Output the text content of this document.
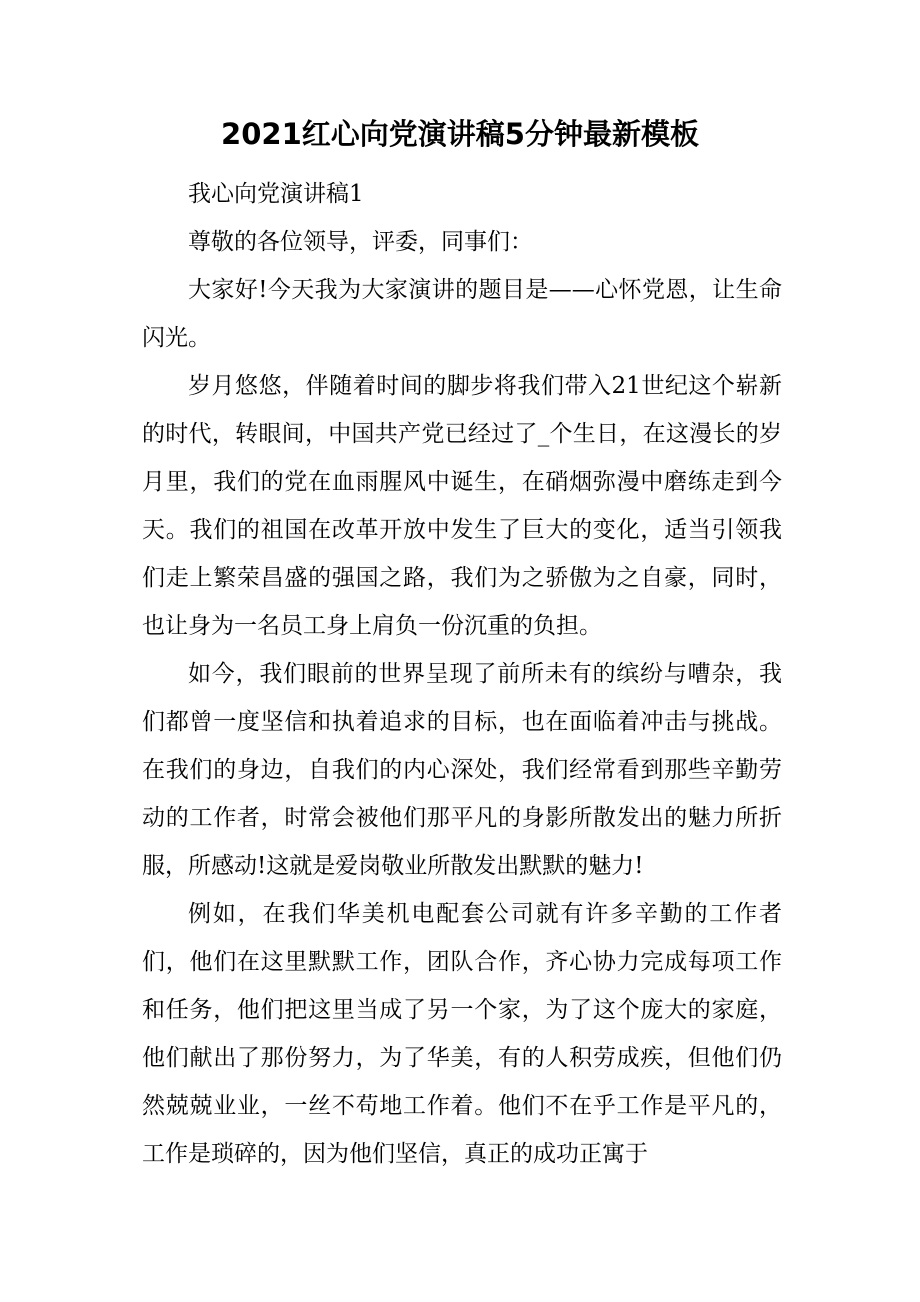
2021红心向党演讲稿5分钟最新模板

我心向党演讲稿1

尊敬的各位领导，评委，同事们：

大家好!今天我为大家演讲的题目是——心怀党恩，让生命闪光。

岁月悠悠，伴随着时间的脚步将我们带入21世纪这个崭新的时代，转眼间，中国共产党已经过了_个生日，在这漫长的岁月里，我们的党在血雨腥风中诞生，在硝烟弥漫中磨练走到今天。我们的祖国在改革开放中发生了巨大的变化，适当引领我们走上繁荣昌盛的强国之路，我们为之骄傲为之自豪，同时，也让身为一名员工身上肩负一份沉重的负担。

如今，我们眼前的世界呈现了前所未有的缤纷与嘈杂，我们都曾一度坚信和执着追求的目标，也在面临着冲击与挑战。在我们的身边，自我们的内心深处，我们经常看到那些辛勤劳动的工作者，时常会被他们那平凡的身影所散发出的魅力所折服，所感动!这就是爱岗敬业所散发出默默的魅力!

例如，在我们华美机电配套公司就有许多辛勤的工作者们，他们在这里默默工作，团队合作，齐心协力完成每项工作和任务，他们把这里当成了另一个家，为了这个庞大的家庭，他们献出了那份努力，为了华美，有的人积劳成疾，但他们仍然兢兢业业，一丝不苟地工作着。他们不在乎工作是平凡的，工作是琐碎的，因为他们坚信，真正的成功正寓于
